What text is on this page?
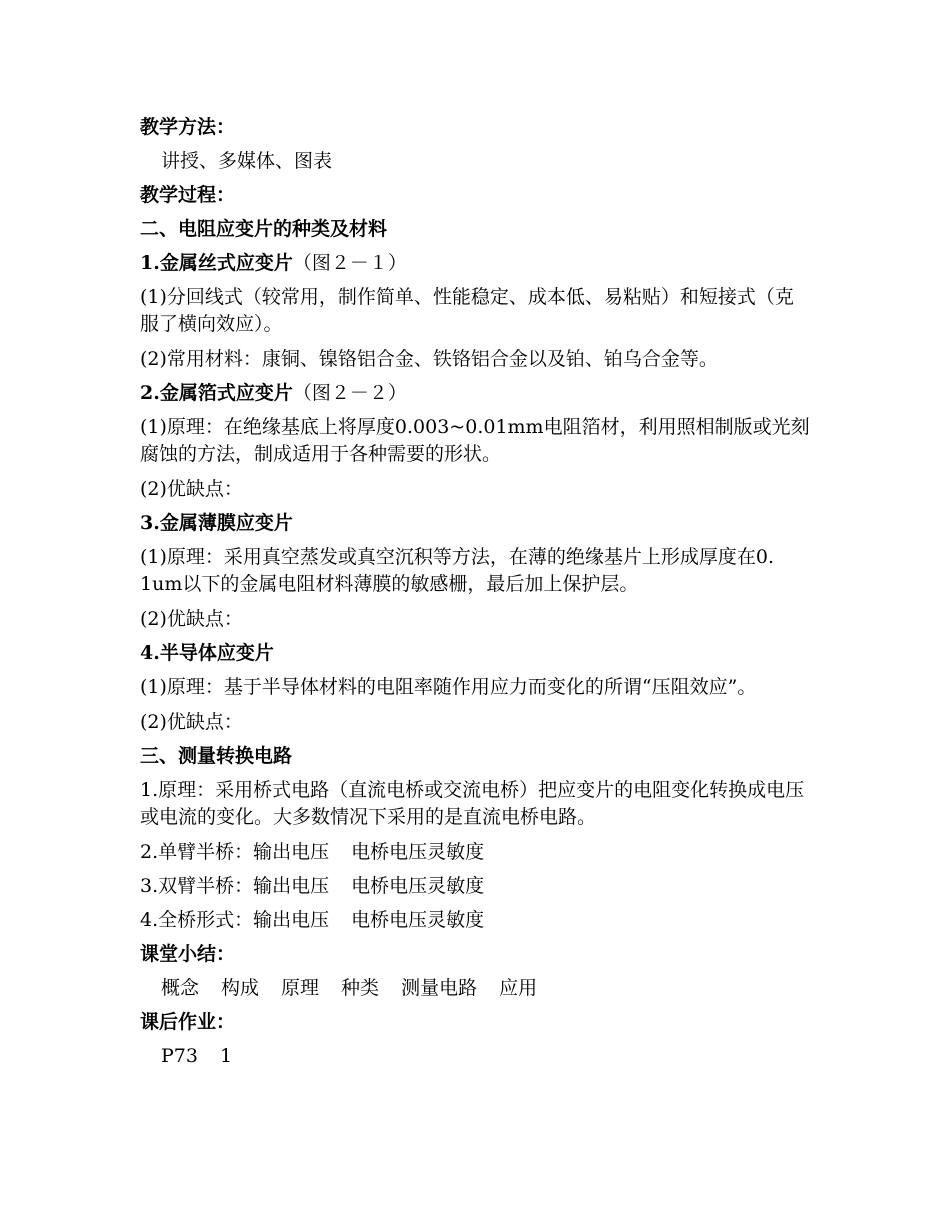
教学方法：
讲授、多媒体、图表
教学过程：
二、电阻应变片的种类及材料
1.金属丝式应变片（图２－１）
(1)分回线式（较常用，制作简单、性能稳定、成本低、易粘贴）和短接式（克服了横向效应）。
(2)常用材料：康铜、镍铬铝合金、铁铬铝合金以及铂、铂乌合金等。
2.金属箔式应变片（图２－２）
(1)原理：在绝缘基底上将厚度0.003~0.01mm电阻箔材，利用照相制版或光刻腐蚀的方法，制成适用于各种需要的形状。
(2)优缺点：
3.金属薄膜应变片
(1)原理：采用真空蒸发或真空沉积等方法，在薄的绝缘基片上形成厚度在0. 1um以下的金属电阻材料薄膜的敏感栅，最后加上保护层。
(2)优缺点：
4.半导体应变片
(1)原理：基于半导体材料的电阻率随作用应力而变化的所谓“压阻效应”。
(2)优缺点：
三、测量转换电路
1.原理：采用桥式电路（直流电桥或交流电桥）把应变片的电阻变化转换成电压或电流的变化。大多数情况下采用的是直流电桥电路。
2.单臂半桥：输出电压 电桥电压灵敏度
3.双臂半桥：输出电压 电桥电压灵敏度
4.全桥形式：输出电压 电桥电压灵敏度
课堂小结：
概念 构成 原理 种类 测量电路 应用
课后作业：
P73 1
